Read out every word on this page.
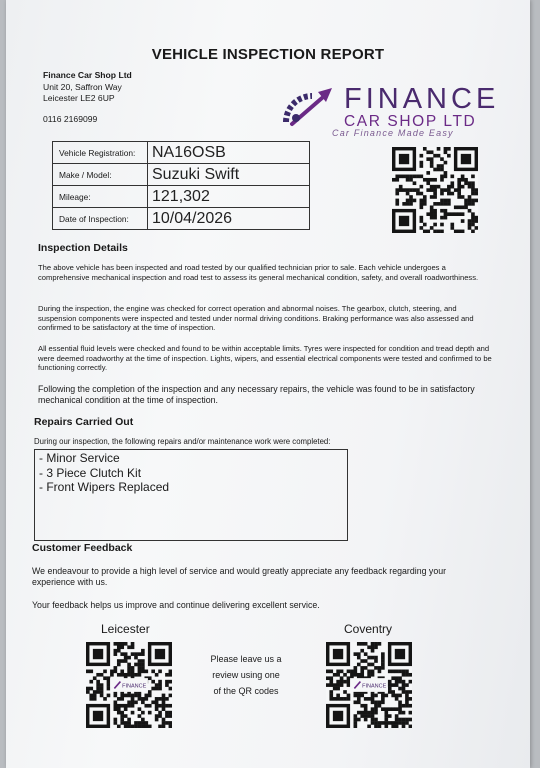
VEHICLE INSPECTION REPORT
Finance Car Shop Ltd
Unit 20, Saffron Way
Leicester LE2 6UP
0116 2169099
FINANCE
CAR SHOP LTD
Car Finance Made Easy
Vehicle Registration:	NA16OSB
Make / Model:	Suzuki Swift
Mileage:	121,302
Date of Inspection:	10/04/2026
Inspection Details
The above vehicle has been inspected and road tested by our qualified technician prior to sale. Each vehicle undergoes a comprehensive mechanical inspection and road test to assess its general mechanical condition, safety, and overall roadworthiness.
During the inspection, the engine was checked for correct operation and abnormal noises. The gearbox, clutch, steering, and suspension components were inspected and tested under normal driving conditions. Braking performance was also assessed and confirmed to be satisfactory at the time of inspection.
All essential fluid levels were checked and found to be within acceptable limits. Tyres were inspected for condition and tread depth and were deemed roadworthy at the time of inspection. Lights, wipers, and essential electrical components were tested and confirmed to be functioning correctly.
Following the completion of the inspection and any necessary repairs, the vehicle was found to be in satisfactory mechanical condition at the time of inspection.
Repairs Carried Out
During our inspection, the following repairs and/or maintenance work were completed:
- Minor Service
- 3 Piece Clutch Kit
- Front Wipers Replaced
Customer Feedback
We endeavour to provide a high level of service and would greatly appreciate any feedback regarding your experience with us.
Your feedback helps us improve and continue delivering excellent service.
Leicester	Coventry
FINANCE	FINANCE
Please leave us a
review using one
of the QR codes
